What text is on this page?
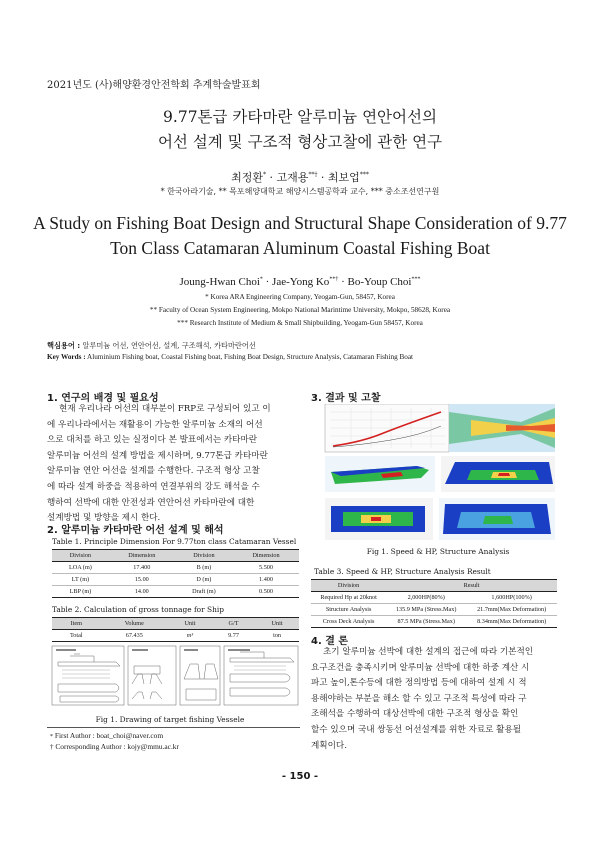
2021년도 (사)해양환경안전학회 추계학술발표회
9.77톤급 카타마란 알루미늄 연안어선의
어선 설계 및 구조적 형상고찰에 관한 연구
최정환* · 고재용**† · 최보업***
* 한국아라기술, ** 목포해양대학교 해양시스템공학과 교수, *** 중소조선연구원
A Study on Fishing Boat Design and Structural Shape Consideration of 9.77
Ton Class Catamaran Aluminum Coastal Fishing Boat
Joung-Hwan Choi* · Jae-Yong Ko**† · Bo-Youp Choi***
* Korea ARA Engineering Company, Yeogam-Gun, 58457, Korea
** Faculty of Ocean System Engineering, Mokpo National Marintime University, Mokpo, 58628, Korea
*** Research Institute of Medium & Small Shipbuilding, Yeogam-Gun 58457, Korea
핵심용어 : 알루미늄 어선, 연안어선, 설계, 구조해석, 카타마란어선
Key Words : Aluminium Fishing boat, Coastal Fishing boat, Fishing Boat Design, Structure Analysis, Catamaran Fishing Boat
1. 연구의 배경 및 필요성
현재 우리나라 어선의 대부분이 FRP로 구성되어 있고 이
에 우리나라에서는 재활용이 가능한 알루미늄 소재의 어선
으로 대처를 하고 있는 실정이다 본 발표에서는 카타마란
알루미늄 어선의 설계 방법을 제시하며, 9.77톤급 카타마란
알루미늄 연안 어선을 설계를 수행한다. 구조적 형상 고찰
에 따라 설계 하중을 적용하여 연결부위의 강도 해석을 수
행하여 선박에 대한 안전성과 연안어선 카타마란에 대한
설계방법 및 방향을 제시 한다.
2. 알루미늄 카타마란 어선 설계 및 해석
Table 1. Principle Dimension For 9.77ton class Catamaran Vessel
Division	Dimension	Division	Dimension
LOA (m)	17.400	B (m)	5.500
LT (m)	15.00	D (m)	1.400
LBP (m)	14.00	Draft (m)	0.500
Table 2. Calculation of gross tonnage for Ship
Item	Volume	Unit	G/T	Unit
Total	67.435	m³	9.77	ton
Fig 1. Drawing of target fishing Vessele
* First Author : boat_choi@naver.com
† Corresponding Author : kojy@mmu.ac.kr
3. 결과 및 고찰
Fig 1. Speed & HP, Structure Analysis
Table 3. Speed & HP, Structure Analysis Result
Division	Result	
Required Hp at 20knot	2,000HP(80%)	1,600HP(100%)
Structure Analysis	135.9 MPa (Stress.Max)	21.7mm(Max Deformation)
Cross Deck Analysis	87.5 MPa (Stress.Max)	8.34mm(Max Deformation)
4. 결 론
초기 알루미늄 선박에 대한 설계의 접근에 따라 기본적인
요구조건을 충족시키며 알루미늄 선박에 대한 하중 계산 시
파고 높이,톤수등에 대한 정의방법 등에 대하여 설계 시 적
용해야하는 부분을 해소 할 수 있고 구조적 특성에 따라 구
조해석을 수행하여 대상선박에 대한 구조적 형상을 확인
할수 있으며 국내 쌍동선 어선설계를 위한 자료로 활용될
계획이다.
- 150 -
